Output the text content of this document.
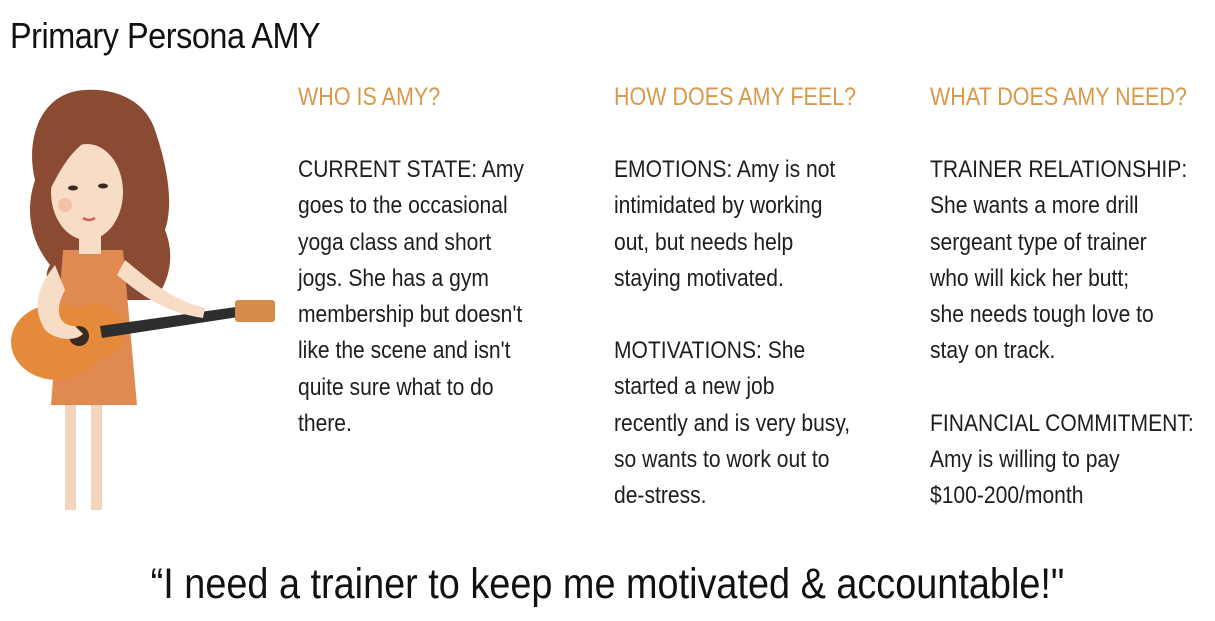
Primary Persona AMY
WHO IS AMY?
CURRENT STATE: Amy
goes to the occasional
yoga class and short
jogs. She has a gym
membership but doesn't
like the scene and isn't
quite sure what to do
there.
HOW DOES AMY FEEL?
EMOTIONS: Amy is not
intimidated by working
out, but needs help
staying motivated.
MOTIVATIONS: She
started a new job
recently and is very busy,
so wants to work out to
de-stress.
WHAT DOES AMY NEED?
TRAINER RELATIONSHIP:
She wants a more drill
sergeant type of trainer
who will kick her butt;
she needs tough love to
stay on track.
FINANCIAL COMMITMENT:
Amy is willing to pay
$100-200/month
“I need a trainer to keep me motivated & accountable!"
